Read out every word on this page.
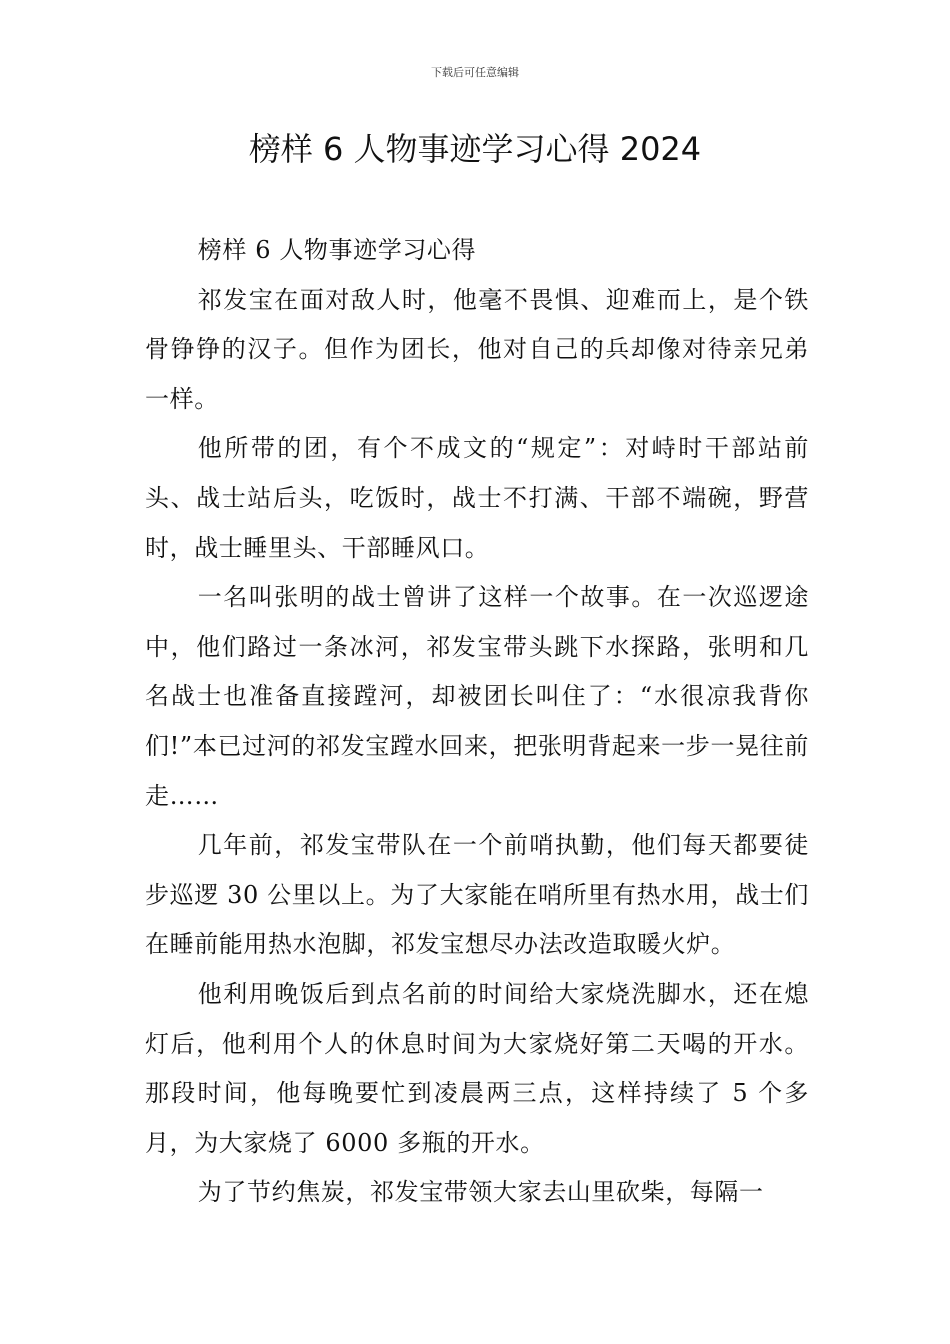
下载后可任意编辑
榜样 6 人物事迹学习心得 2024

榜样 6 人物事迹学习心得

祁发宝在面对敌人时，他毫不畏惧、迎难而上，是个铁骨铮铮的汉子。但作为团长，他对自己的兵却像对待亲兄弟一样。

他所带的团，有个不成文的“规定”：对峙时干部站前头、战士站后头，吃饭时，战士不打满、干部不端碗，野营时，战士睡里头、干部睡风口。

一名叫张明的战士曾讲了这样一个故事。在一次巡逻途中，他们路过一条冰河，祁发宝带头跳下水探路，张明和几名战士也准备直接蹚河，却被团长叫住了：“水很凉我背你们!”本已过河的祁发宝蹚水回来，把张明背起来一步一晃往前走……

几年前，祁发宝带队在一个前哨执勤，他们每天都要徒步巡逻 30 公里以上。为了大家能在哨所里有热水用，战士们在睡前能用热水泡脚，祁发宝想尽办法改造取暖火炉。

他利用晚饭后到点名前的时间给大家烧洗脚水，还在熄灯后，他利用个人的休息时间为大家烧好第二天喝的开水。那段时间，他每晚要忙到凌晨两三点，这样持续了 5 个多月，为大家烧了 6000 多瓶的开水。

为了节约焦炭，祁发宝带领大家去山里砍柴，每隔一
